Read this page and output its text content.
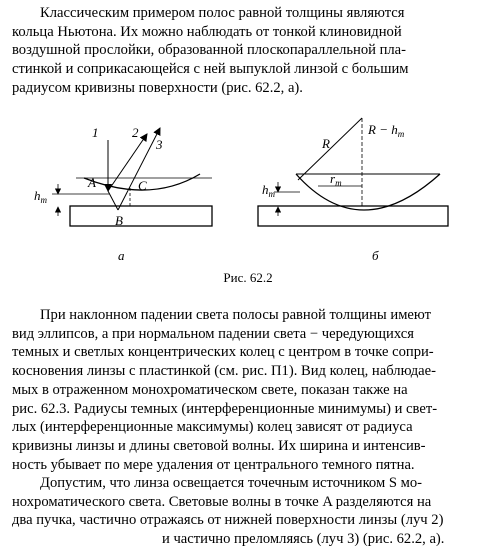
Классическим примером полос равной толщины являются
кольца Ньютона. Их можно наблюдать от тонкой клиновидной
воздушной прослойки, образованной плоскопараллельной пла-
стинкой и соприкасающейся с ней выпуклой линзой с большим
радиусом кривизны поверхности (рис. 62.2, а).
1	2
3
A	C
B
$h_m$
R
$R - h_m$
$r_m$
$h_m$
а	б
Рис. 62.2
При наклонном падении света полосы равной толщины имеют
вид эллипсов, а при нормальном падении света − чередующихся
темных и светлых концентрических колец с центром в точке сопри-
косновения линзы с пластинкой (см. рис. П1). Вид колец, наблюдае-
мых в отраженном монохроматическом свете, показан также на
рис. 62.3. Радиусы темных (интерференционные минимумы) и свет-
лых (интерференционные максимумы) колец зависят от радиуса
кривизны линзы и длины световой волны. Их ширина и интенсив-
ность убывает по мере удаления от центрального темного пятна.
Допустим, что линза освещается точечным источником S мо-
нохроматического света. Световые волны в точке A разделяются на
два пучка, частично отражаясь от нижней поверхности линзы (луч 2)
и частично преломляясь (луч 3) (рис. 62.2, а).
